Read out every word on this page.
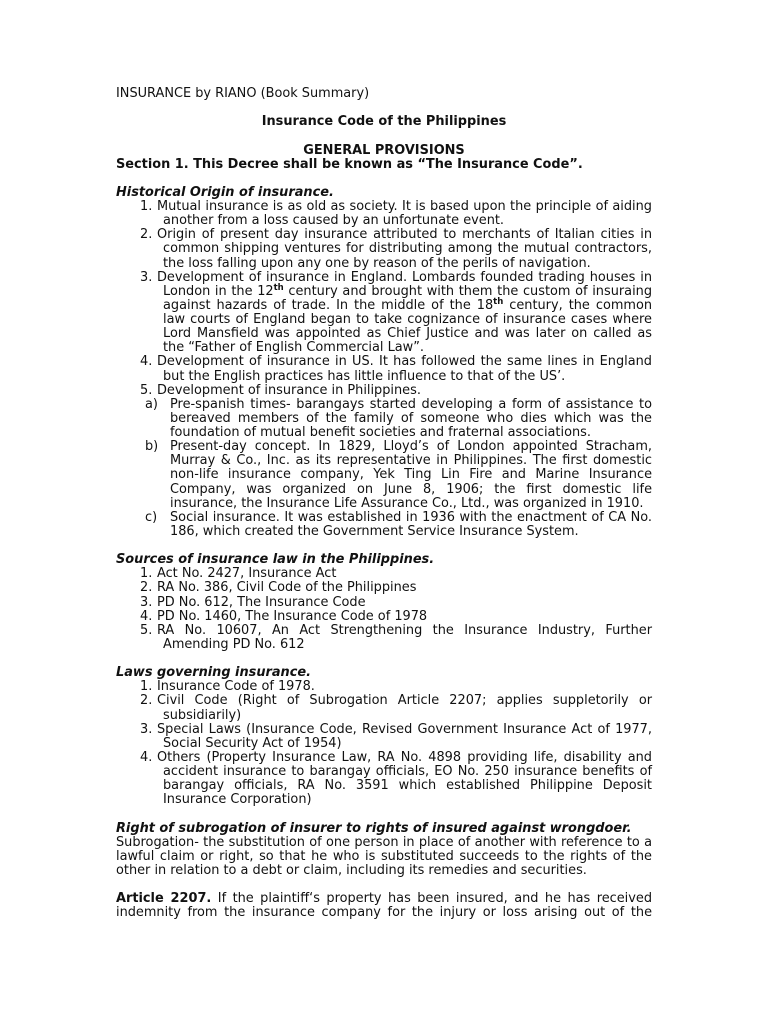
INSURANCE by RIANO (Book Summary)
Insurance Code of the Philippines
GENERAL PROVISIONS
Section 1. This Decree shall be known as “The Insurance Code”.
Historical Origin of insurance.
1. Mutual insurance is as old as society. It is based upon the principle of aiding
another from a loss caused by an unfortunate event.
2. Origin of present day insurance attributed to merchants of Italian cities in
common shipping ventures for distributing among the mutual contractors,
the loss falling upon any one by reason of the perils of navigation.
3. Development of insurance in England. Lombards founded trading houses in
London in the 12th century and brought with them the custom of insuraing
against hazards of trade. In the middle of the 18th century, the common
law courts of England began to take cognizance of insurance cases where
Lord Mansfield was appointed as Chief Justice and was later on called as
the “Father of English Commercial Law”.
4. Development of insurance in US. It has followed the same lines in England
but the English practices has little influence to that of the US’.
5. Development of insurance in Philippines.
a) Pre-spanish times- barangays started developing a form of assistance to
bereaved members of the family of someone who dies which was the
foundation of mutual benefit societies and fraternal associations.
b) Present-day concept. In 1829, Lloyd’s of London appointed Stracham,
Murray & Co., Inc. as its representative in Philippines. The first domestic
non-life insurance company, Yek Ting Lin Fire and Marine Insurance
Company, was organized on June 8, 1906; the first domestic life
insurance, the Insurance Life Assurance Co., Ltd., was organized in 1910.
c) Social insurance. It was established in 1936 with the enactment of CA No.
186, which created the Government Service Insurance System.
Sources of insurance law in the Philippines.
1. Act No. 2427, Insurance Act
2. RA No. 386, Civil Code of the Philippines
3. PD No. 612, The Insurance Code
4. PD No. 1460, The Insurance Code of 1978
5. RA No. 10607, An Act Strengthening the Insurance Industry, Further
Amending PD No. 612
Laws governing insurance.
1. Insurance Code of 1978.
2. Civil Code (Right of Subrogation Article 2207; applies suppletorily or
subsidiarily)
3. Special Laws (Insurance Code, Revised Government Insurance Act of 1977,
Social Security Act of 1954)
4. Others (Property Insurance Law, RA No. 4898 providing life, disability and
accident insurance to barangay officials, EO No. 250 insurance benefits of
barangay officials, RA No. 3591 which established Philippine Deposit
Insurance Corporation)
Right of subrogation of insurer to rights of insured against wrongdoer.
Subrogation- the substitution of one person in place of another with reference to a
lawful claim or right, so that he who is substituted succeeds to the rights of the
other in relation to a debt or claim, including its remedies and securities.
Article 2207. If the plaintiff‘s property has been insured, and he has received
indemnity from the insurance company for the injury or loss arising out of the
